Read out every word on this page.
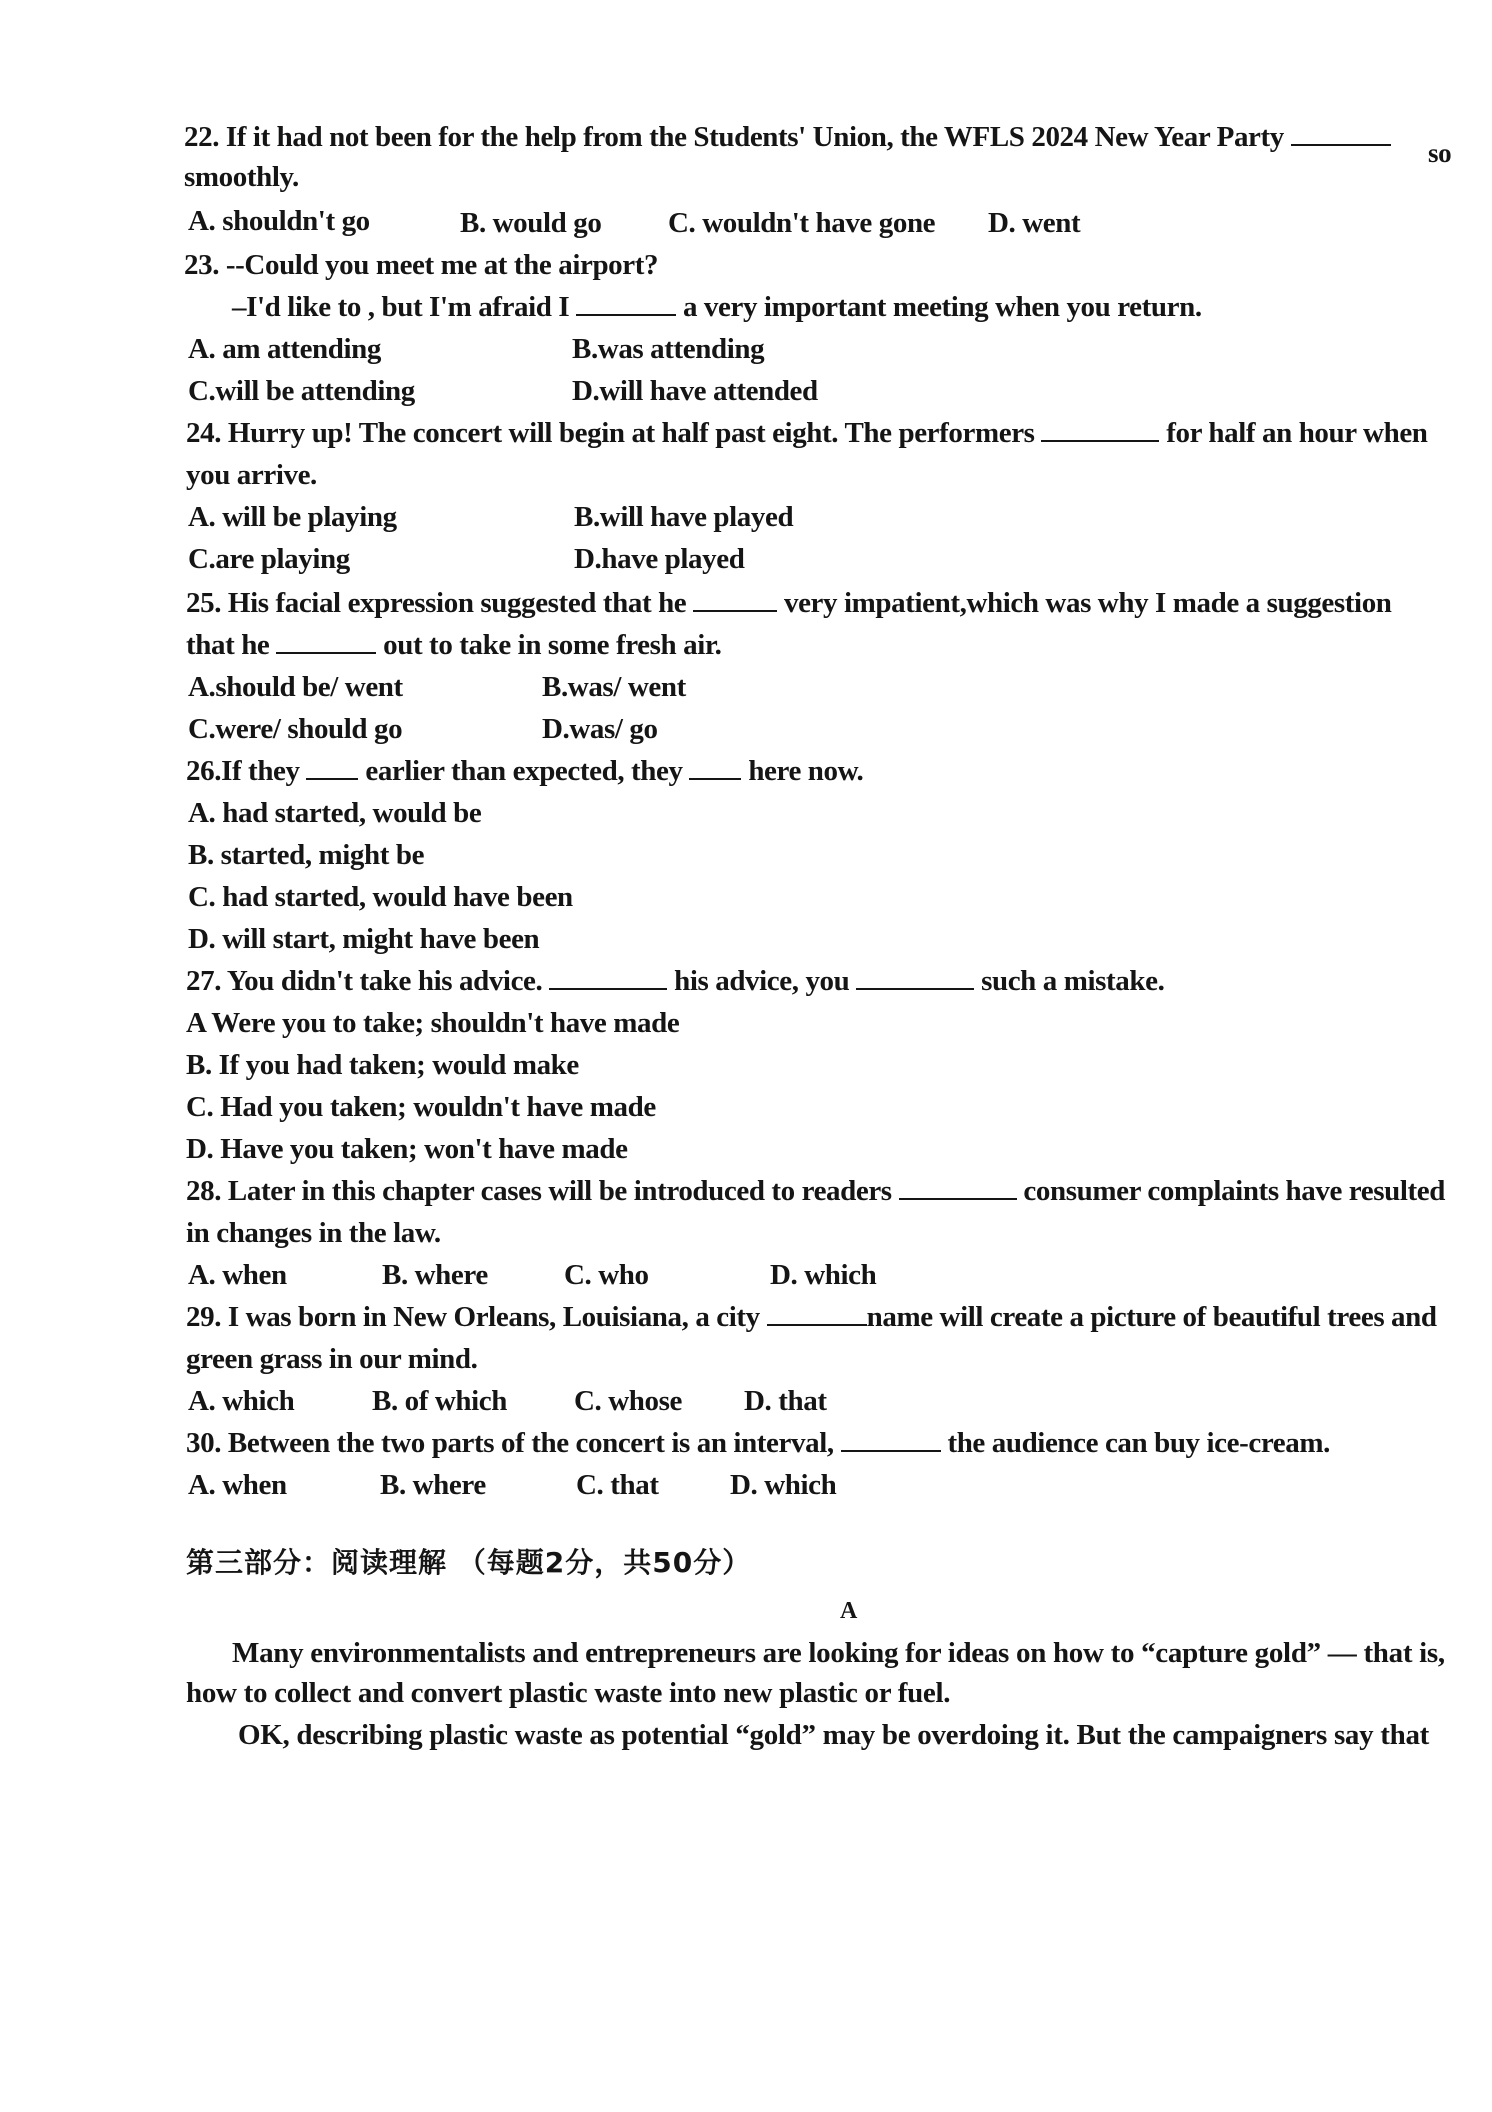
22. If it had not been for the help from the Students' Union, the WFLS 2024 New Year Party	so
smoothly.
A. shouldn't go	B. would go C. wouldn't have gone D. went
23. --Could you meet me at the airport?
–I'd like to , but I'm afraid I	a very important meeting when you return.
A. am attending	B.was attending
C.will be attending	D.will have attended
24. Hurry up! The concert will begin at half past eight. The performers	for half an hour when
you arrive.
A. will be playing	B.will have played
C.are playing	D.have played
25. His facial expression suggested that he	very impatient,which was why I made a suggestion
that he	out to take in some fresh air.
A.should be/ went	B.was/ went
C.were/ should go	D.was/ go
26.If they earlier than expected, they here now.
A. had started, would be
B. started, might be
C. had started, would have been
D. will start, might have been
27. You didn't take his advice.	his advice, you	such a mistake.
A Were you to take; shouldn't have made
B. If you had taken; would make
C. Had you taken; wouldn't have made
D. Have you taken; won't have made
28. Later in this chapter cases will be introduced to readers	consumer complaints have resulted
in changes in the law.
A. when	B. where	C. who	D. which
29. I was born in New Orleans, Louisiana, a city	name will create a picture of beautiful trees and
green grass in our mind.
A. which	B. of which C. whose D. that
30. Between the two parts of the concert is an interval,	the audience can buy ice-cream.
A. when	B. where	C. that D. which
第三部分：阅读理解 （每题2分，共50分）
A
Many environmentalists and entrepreneurs are looking for ideas on how to “capture gold” — that is,
how to collect and convert plastic waste into new plastic or fuel.
OK, describing plastic waste as potential “gold” may be overdoing it. But the campaigners say that
